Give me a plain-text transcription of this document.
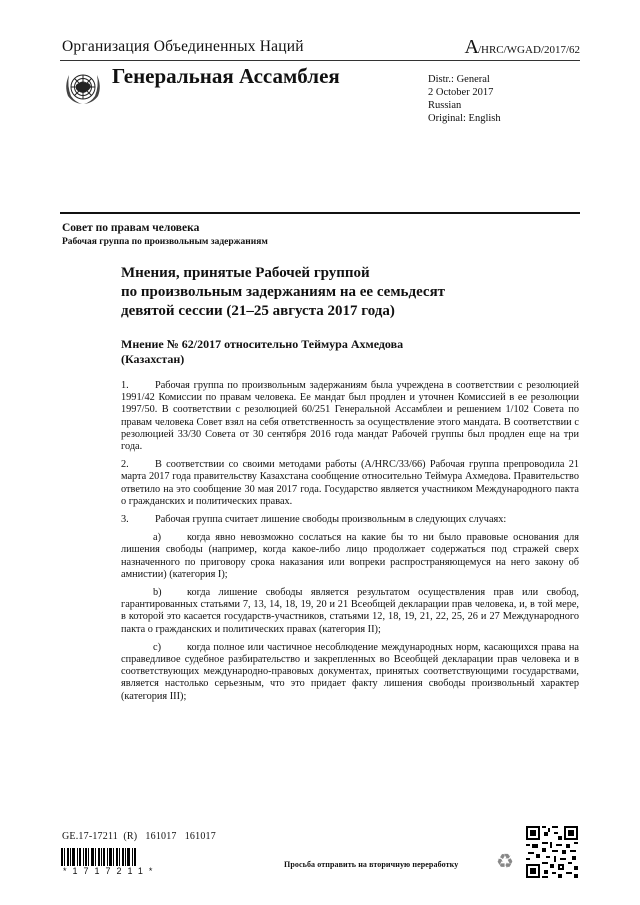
Организация Объединенных Наций	A/HRC/WGAD/2017/62
Генеральная Ассамблея	Distr.: General
2 October 2017
Russian
Original: English
Совет по правам человека
Рабочая группа по произвольным задержаниям
Мнения, принятые Рабочей группой
по произвольным задержаниям на ее семьдесят
девятой сессии (21–25 августа 2017 года)
Мнение № 62/2017 относительно Теймура Ахмедова
(Казахстан)

1.	Рабочая группа по произвольным задержаниям была учреждена в соответствии с резолюцией 1991/42 Комиссии по правам человека. Ее мандат был продлен и уточнен Комиссией в ее резолюции 1997/50. В соответствии с резолюцией 60/251 Генеральной Ассамблеи и решением 1/102 Совета по правам человека Совет взял на себя ответственность за осуществление этого мандата. В соответствии с резолюцией 33/30 Совета от 30 сентября 2016 года мандат Рабочей группы был продлен еще на три года.

2.	В соответствии со своими методами работы (A/HRC/33/66) Рабочая группа препроводила 21 марта 2017 года правительству Казахстана сообщение относительно Теймура Ахмедова. Правительство ответило на это сообщение 30 мая 2017 года. Государство является участником Международного пакта о гражданских и политических правах.

3.	Рабочая группа считает лишение свободы произвольным в следующих случаях:

a)	когда явно невозможно сослаться на какие бы то ни было правовые основания для лишения свободы (например, когда какое-либо лицо продолжает содержаться под стражей сверх назначенного по приговору срока наказания или вопреки распространяющемуся на него закону об амнистии) (категория I);

b) когда лишение свободы является результатом осуществления прав или свобод, гарантированных статьями 7, 13, 14, 18, 19, 20 и 21 Всеобщей декларации прав человека, и, в той мере, в которой это касается государств-участников, статьями 12, 18, 19, 21, 22, 25, 26 и 27 Международного пакта о гражданских и политических правах (категория II);

c)	когда полное или частичное несоблюдение международных норм, касающихся права на справедливое судебное разбирательство и закрепленных во Всеобщей декларации прав человека и в соответствующих международно-правовых документах, принятых соответствующими государствами, является настолько серьезным, что это придает факту лишения свободы произвольный характер (категория III);

GE.17-17211  (R)   161017   161017
*1717211*
Просьба отправить на вторичную переработку ♻
